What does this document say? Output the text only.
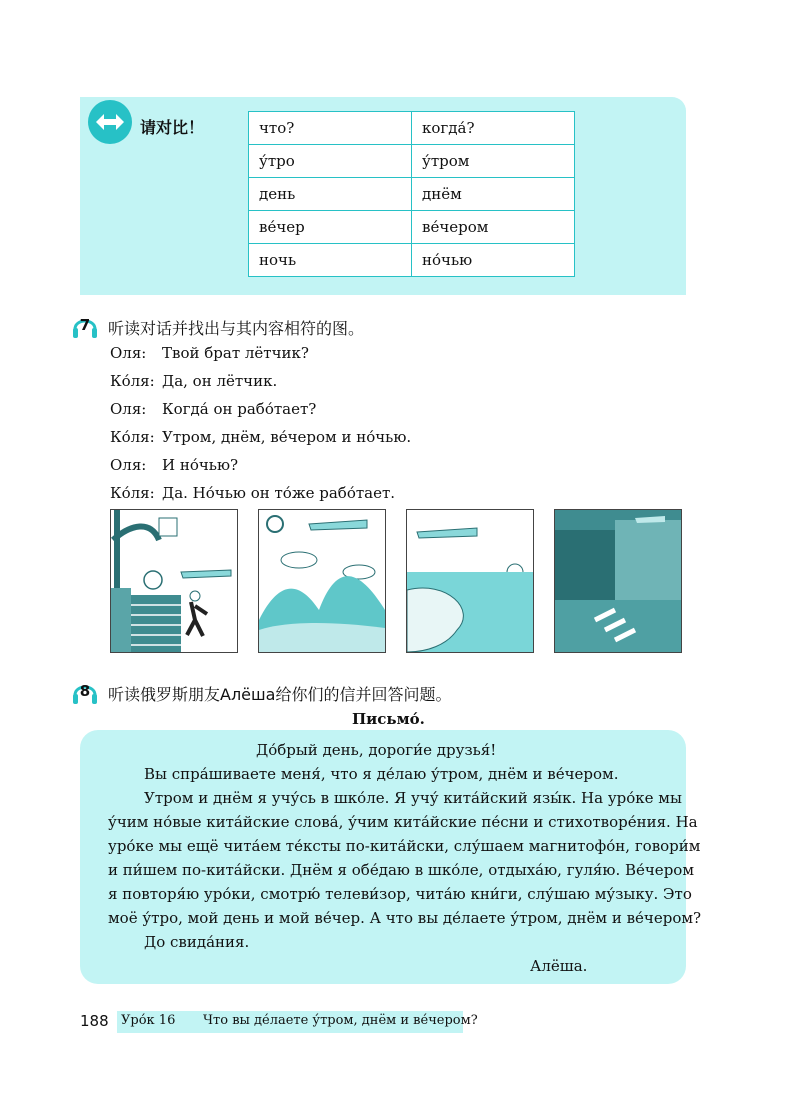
请对比！	что?	когда́?
у́тро	у́тром
день	днём
ве́чер	ве́чером
ночь	но́чью
7	听读对话并找出与其内容相符的图。
Оля: Твой брат лётчик?
Ко́ля: Да, он лётчик.
Оля: Когда́ он рабо́тает?
Ко́ля: Утром, днём, ве́чером и но́чью.
Оля: И но́чью?
Ко́ля: Да. Но́чью он то́же рабо́тает.
8	听读俄罗斯朋友Алёша给你们的信并回答问题。
Письмо́.
До́брый день, дороги́е друзья́!
Вы спра́шиваете меня́, что я де́лаю у́тром, днём и ве́чером.
Утром и днём я учу́сь в шко́ле. Я учу́ кита́йский язы́к. На уро́ке мы
у́чим но́вые кита́йские слова́, у́чим кита́йские пе́сни и стихотворе́ния. На
уро́ке мы ещё чита́ем те́ксты по-кита́йски, слу́шаем магнитофо́н, говори́м
и пи́шем по-кита́йски. Днём я обе́даю в шко́ле, отдыха́ю, гуля́ю. Ве́чером
я повторя́ю уро́ки, смотрю́ телеви́зор, чита́ю кни́ги, слу́шаю му́зыку. Это
моё у́тро, мой день и мой ве́чер. А что вы де́лаете у́тром, днём и ве́чером?
До свида́ния.
Алёша.
188 Уро́к 16 Что вы де́лаете у́тром, днём и ве́чером?
